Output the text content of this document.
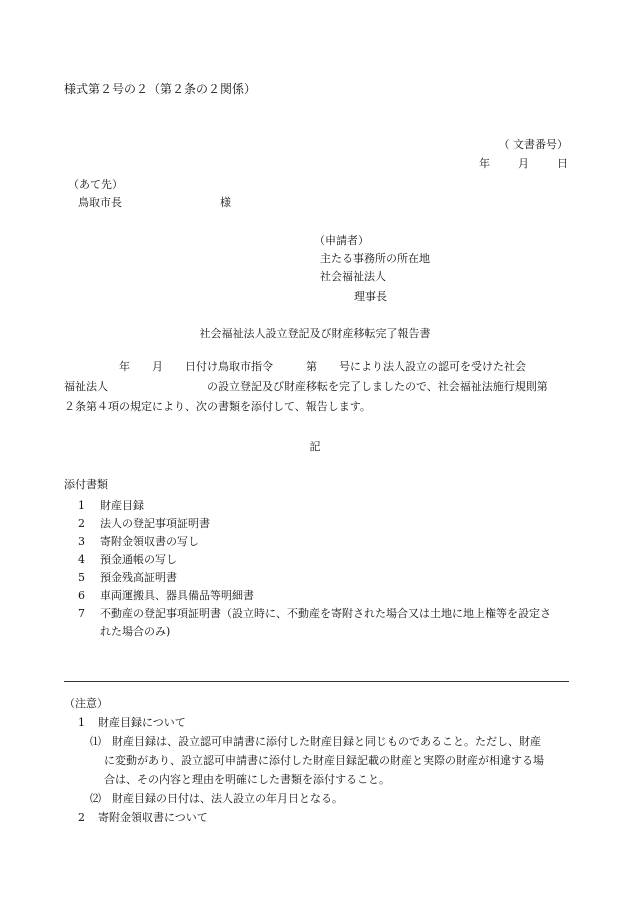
様式第２号の２（第２条の２関係）
（ 文書番号）
年	月	日
（あて先）
鳥取市長	様
（申請者）
主たる事務所の所在地
社会福祉法人
理事長
社会福祉法人設立登記及び財産移転完了報告書
　　　　　年　　月　　日付け鳥取市指令　　　第　　号により法人設立の認可を受けた社会
福祉法人　　　　　　　　　の設立登記及び財産移転を完了しましたので、社会福祉法施行規則第
２条第４項の規定により、次の書類を添付して、報告します。
記
添付書類
1	財産目録
2	法人の登記事項証明書
3	寄附金領収書の写し
4	預金通帳の写し
5	預金残高証明書
6	車両運搬具、器具備品等明細書
7	不動産の登記事項証明書（設立時に、不動産を寄附された場合又は土地に地上権等を設定さ
れた場合のみ)
（注意）
1 財産目録について
⑴ 財産目録は、設立認可申請書に添付した財産目録と同じものであること。ただし、財産
に変動があり、設立認可申請書に添付した財産目録記載の財産と実際の財産が相違する場
合は、その内容と理由を明確にした書類を添付すること。
⑵ 財産目録の日付は、法人設立の年月日となる。
2 寄附金領収書について
